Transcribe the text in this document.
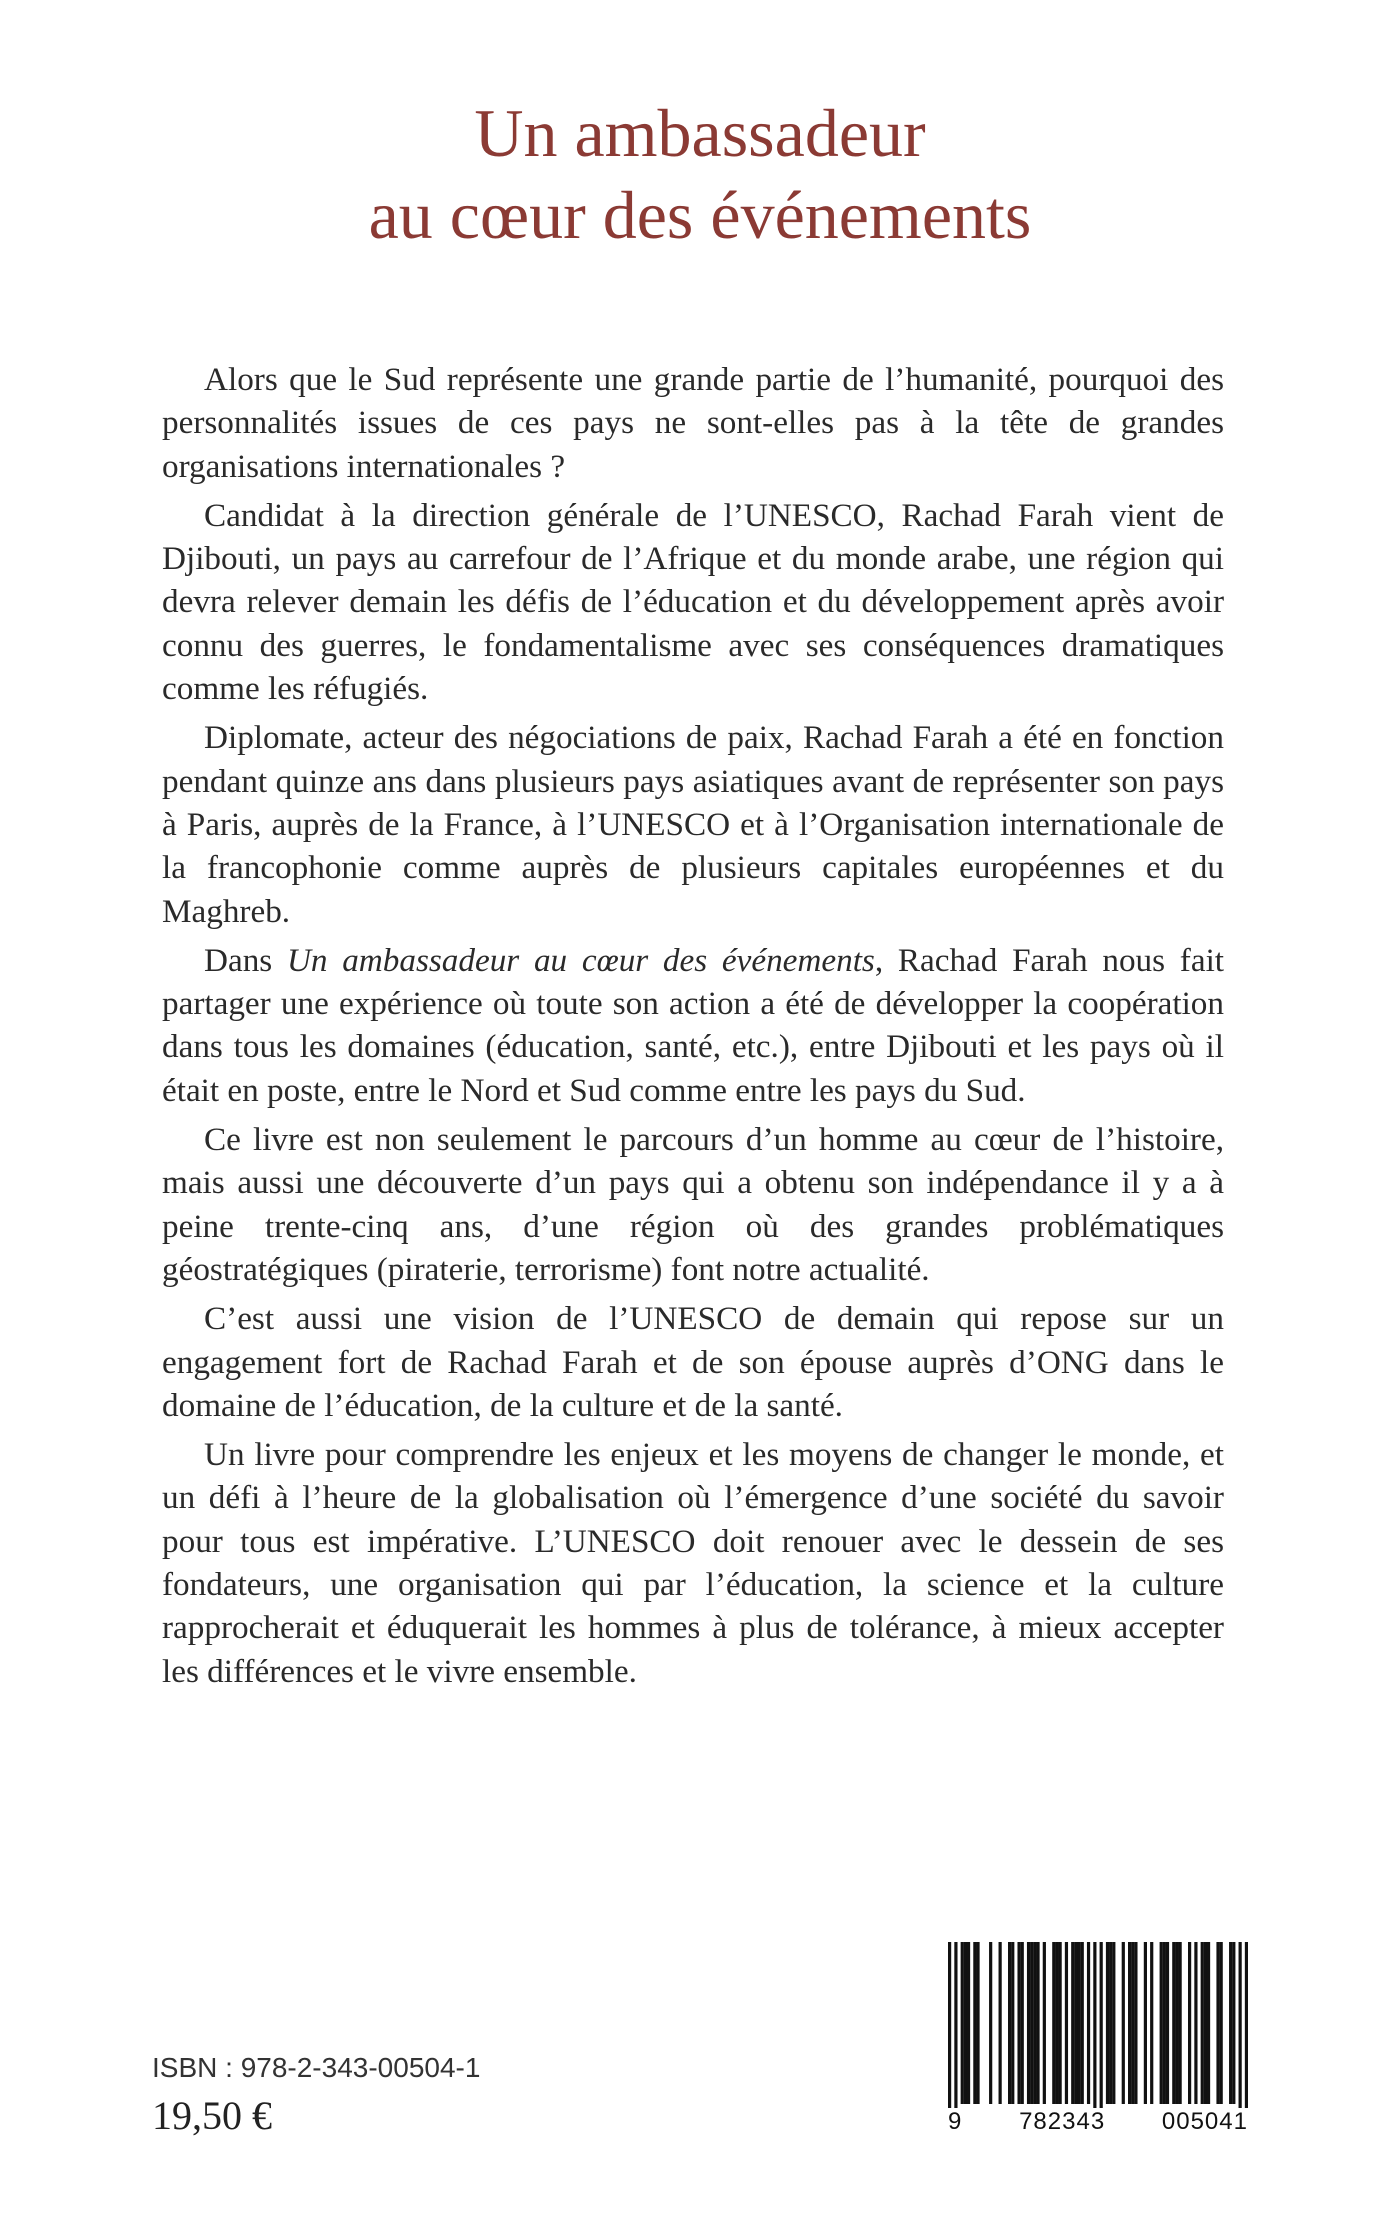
Un ambassadeur
au cœur des événements

Alors que le Sud représente une grande partie de l’humanité, pourquoi des personnalités issues de ces pays ne sont-elles pas à la tête de grandes organisations internationales ?

Candidat à la direction générale de l’UNESCO, Rachad Farah vient de Djibouti, un pays au carrefour de l’Afrique et du monde arabe, une région qui devra relever demain les défis de l’éducation et du développement après avoir connu des guerres, le fondamentalisme avec ses conséquences dramatiques comme les réfugiés.

Diplomate, acteur des négociations de paix, Rachad Farah a été en fonction pendant quinze ans dans plusieurs pays asiatiques avant de représenter son pays à Paris, auprès de la France, à l’UNESCO et à l’Organisation internationale de la francophonie comme auprès de plusieurs capitales européennes et du Maghreb.

Dans Un ambassadeur au cœur des événements, Rachad Farah nous fait partager une expérience où toute son action a été de développer la coopération dans tous les domaines (éducation, santé, etc.), entre Djibouti et les pays où il était en poste, entre le Nord et Sud comme entre les pays du Sud.

Ce livre est non seulement le parcours d’un homme au cœur de l’histoire, mais aussi une découverte d’un pays qui a obtenu son indépendance il y a à peine trente-cinq ans, d’une région où des grandes problématiques géostratégiques (piraterie, terrorisme) font notre actualité.

C’est aussi une vision de l’UNESCO de demain qui repose sur un engagement fort de Rachad Farah et de son épouse auprès d’ONG dans le domaine de l’éducation, de la culture et de la santé.

Un livre pour comprendre les enjeux et les moyens de changer le monde, et un défi à l’heure de la globalisation où l’émergence d’une société du savoir pour tous est impérative. L’UNESCO doit renouer avec le dessein de ses fondateurs, une organisation qui par l’éducation, la science et la culture rapprocherait et éduquerait les hommes à plus de tolérance, à mieux accepter les différences et le vivre ensemble.

ISBN : 978-2-343-00504-1
19,50 €	9 782343 005041
